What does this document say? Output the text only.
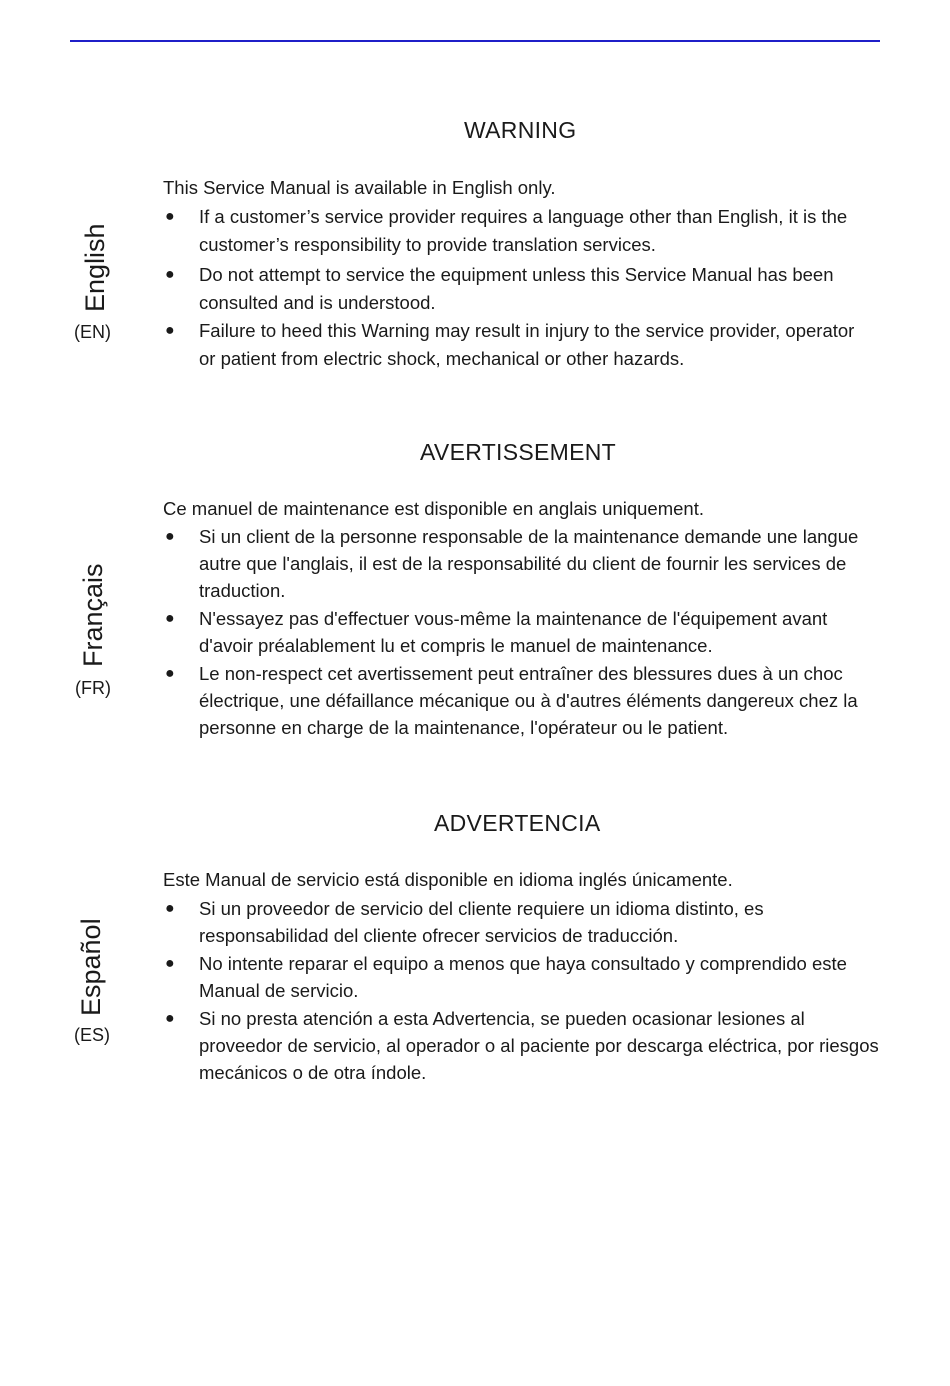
English
(EN)
WARNING
This Service Manual is available in English only.
● If a customer’s service provider requires a language other than English, it is the customer’s responsibility to provide translation services.
● Do not attempt to service the equipment unless this Service Manual has been consulted and is understood.
● Failure to heed this Warning may result in injury to the service provider, operator or patient from electric shock, mechanical or other hazards.
Français
(FR)
AVERTISSEMENT
Ce manuel de maintenance est disponible en anglais uniquement.
● Si un client de la personne responsable de la maintenance demande une langue autre que l'anglais, il est de la responsabilité du client de fournir les services de traduction.
● N'essayez pas d'effectuer vous-même la maintenance de l'équipement avant d'avoir préalablement lu et compris le manuel de maintenance.
● Le non-respect cet avertissement peut entraîner des blessures dues à un choc électrique, une défaillance mécanique ou à d'autres éléments dangereux chez la personne en charge de la maintenance, l'opérateur ou le patient.
Español
(ES)
ADVERTENCIA
Este Manual de servicio está disponible en idioma inglés únicamente.
● Si un proveedor de servicio del cliente requiere un idioma distinto, es responsabilidad del cliente ofrecer servicios de traducción.
● No intente reparar el equipo a menos que haya consultado y comprendido este Manual de servicio.
● Si no presta atención a esta Advertencia, se pueden ocasionar lesiones al proveedor de servicio, al operador o al paciente por descarga eléctrica, por riesgos mecánicos o de otra índole.
